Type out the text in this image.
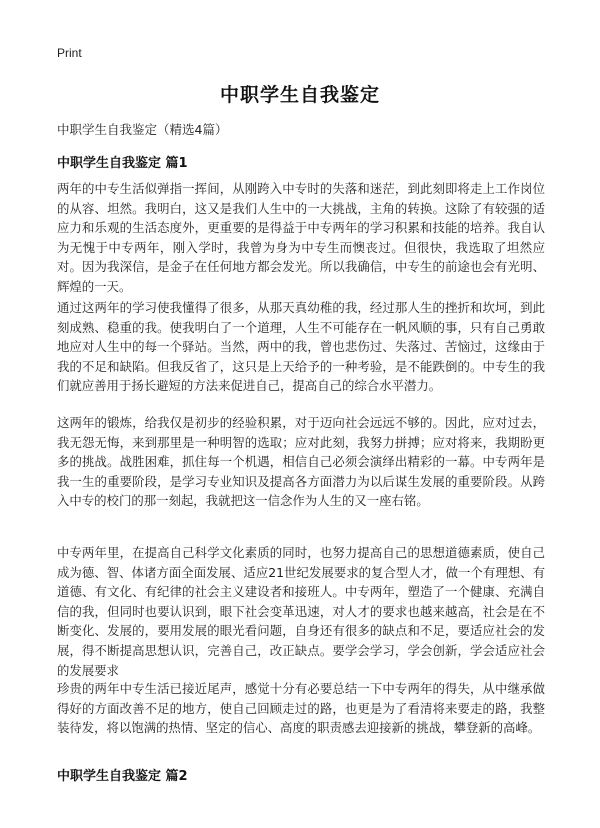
Print
中职学生自我鉴定
中职学生自我鉴定（精选4篇）
中职学生自我鉴定 篇1

两年的中专生活似弹指一挥间，从刚跨入中专时的失落和迷茫，到此刻即将走上工作岗位的从容、坦然。我明白，这又是我们人生中的一大挑战，主角的转换。这除了有较强的适应力和乐观的生活态度外，更重要的是得益于中专两年的学习积累和技能的培养。我自认为无愧于中专两年，刚入学时，我曾为身为中专生而懊丧过。但很快，我选取了坦然应对。因为我深信，是金子在任何地方都会发光。所以我确信，中专生的前途也会有光明、辉煌的一天。

通过这两年的学习使我懂得了很多，从那天真幼稚的我，经过那人生的挫折和坎坷，到此刻成熟、稳重的我。使我明白了一个道理，人生不可能存在一帆风顺的事，只有自己勇敢地应对人生中的每一个驿站。当然，两中的我，曾也悲伤过、失落过、苦恼过，这缘由于我的不足和缺陷。但我反省了，这只是上天给予的一种考验，是不能跌倒的。中专生的我们就应善用于扬长避短的方法来促进自己，提高自己的综合水平潜力。

这两年的锻炼，给我仅是初步的经验积累，对于迈向社会远远不够的。因此，应对过去，我无怨无悔，来到那里是一种明智的选取；应对此刻，我努力拼搏；应对将来，我期盼更多的挑战。战胜困难，抓住每一个机遇，相信自己必须会演绎出精彩的一幕。中专两年是我一生的重要阶段，是学习专业知识及提高各方面潜力为以后谋生发展的重要阶段。从跨入中专的校门的那一刻起，我就把这一信念作为人生的又一座右铭。

中专两年里，在提高自己科学文化素质的同时，也努力提高自己的思想道德素质，使自己成为德、智、体诸方面全面发展、适应21世纪发展要求的复合型人才，做一个有理想、有道德、有文化、有纪律的社会主义建设者和接班人。中专两年，塑造了一个健康、充满自信的我，但同时也要认识到，眼下社会变革迅速，对人才的要求也越来越高，社会是在不断变化、发展的，要用发展的眼光看问题，自身还有很多的缺点和不足，要适应社会的发展，得不断提高思想认识，完善自己，改正缺点。要学会学习，学会创新，学会适应社会的发展要求

珍贵的两年中专生活已接近尾声，感觉十分有必要总结一下中专两年的得失，从中继承做得好的方面改善不足的地方，使自己回顾走过的路，也更是为了看清将来要走的路，我整装待发，将以饱满的热情、坚定的信心、高度的职责感去迎接新的挑战，攀登新的高峰。

中职学生自我鉴定 篇2
